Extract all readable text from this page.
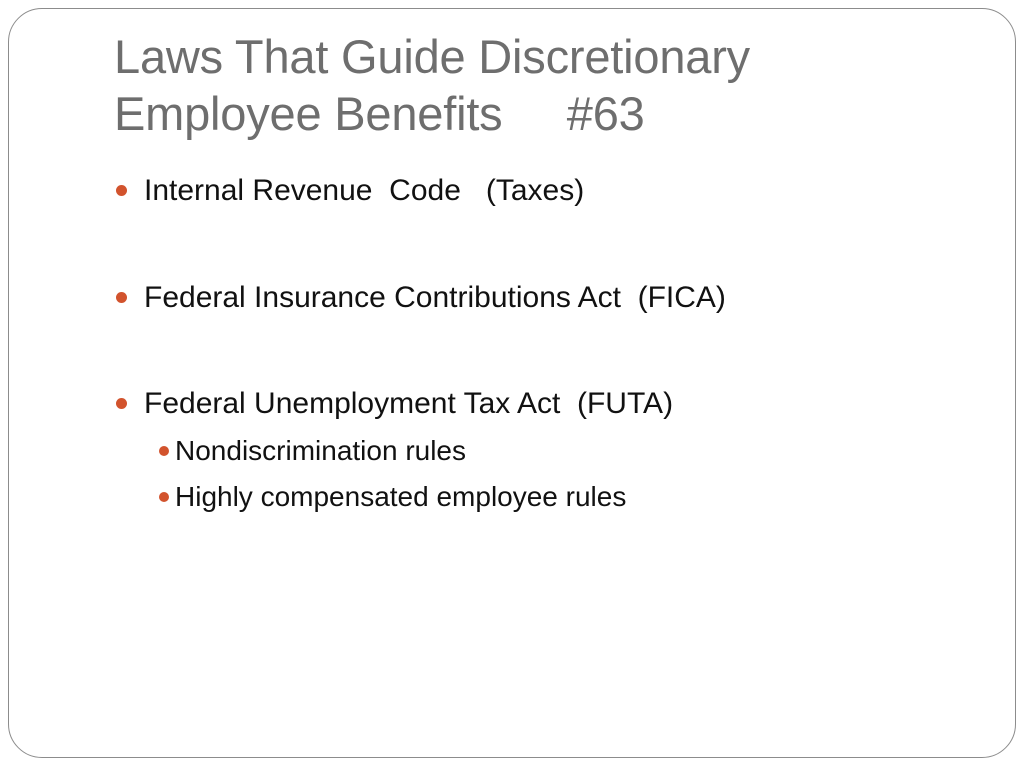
Laws That Guide Discretionary
Employee Benefits     #63
Internal Revenue  Code   (Taxes)
Federal Insurance Contributions Act  (FICA)
Federal Unemployment Tax Act  (FUTA)
Nondiscrimination rules
Highly compensated employee rules
